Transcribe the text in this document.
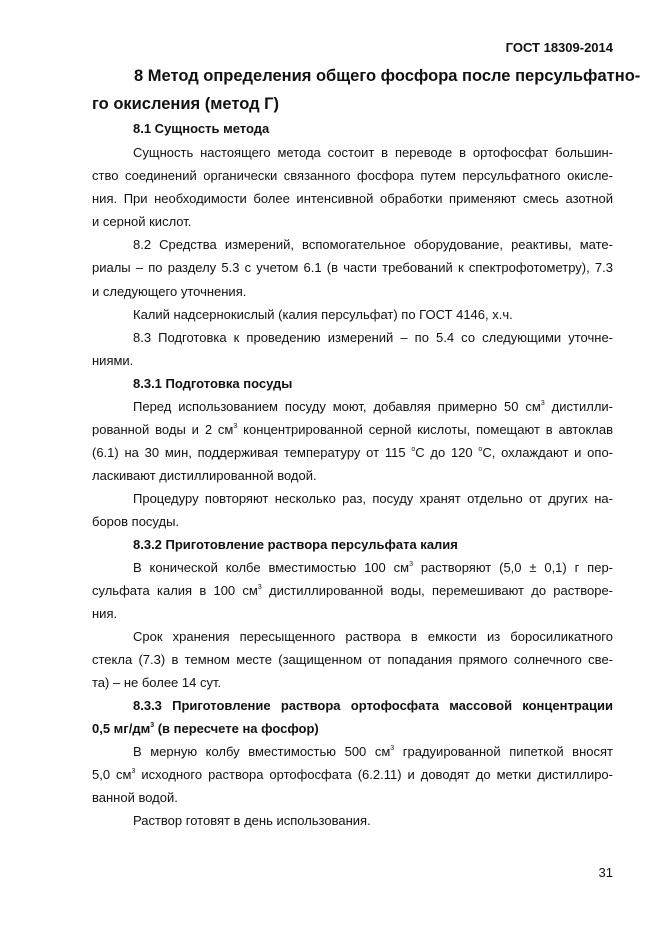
ГОСТ 18309-2014
8 Метод определения общего фосфора после персульфатно-
го окисления (метод Г)
8.1 Сущность метода
Сущность настоящего метода состоит в переводе в ортофосфат большин-
ство соединений органически связанного фосфора путем персульфатного окисле-
ния. При необходимости более интенсивной обработки применяют смесь азотной
и серной кислот.
8.2 Средства измерений, вспомогательное оборудование, реактивы, мате-
риалы – по разделу 5.3 с учетом 6.1 (в части требований к спектрофотометру), 7.3
и следующего уточнения.
Калий надсернокислый (калия персульфат) по ГОСТ 4146, х.ч.
8.3 Подготовка к проведению измерений – по 5.4 со следующими уточне-
ниями.
8.3.1 Подготовка посуды
Перед использованием посуду моют, добавляя примерно 50 $см^3$ дистилли-
рованной воды и 2 $см^3$ концентрированной серной кислоты, помещают в автоклав
(6.1) на 30 мин, поддерживая температуру от 115 $^о$С до 120 $^о$С, охлаждают и опо-
ласкивают дистиллированной водой.
Процедуру повторяют несколько раз, посуду хранят отдельно от других на-
боров посуды.
8.3.2 Приготовление раствора персульфата калия
В конической колбе вместимостью 100 $см^3$ растворяют (5,0 ± 0,1) г пер-
сульфата калия в 100 $см^3$ дистиллированной воды, перемешивают до растворе-
ния.
Срок хранения пересыщенного раствора в емкости из боросиликатного
стекла (7.3) в темном месте (защищенном от попадания прямого солнечного све-
та) – не более 14 сут.
8.3.3 Приготовление раствора ортофосфата массовой концентрации
0,5 $мг/дм^3$ (в пересчете на фосфор)
В мерную колбу вместимостью 500 $см^3$ градуированной пипеткой вносят
5,0 $см^3$ исходного раствора ортофосфата (6.2.11) и доводят до метки дистиллиро-
ванной водой.
Раствор готовят в день использования.
31
